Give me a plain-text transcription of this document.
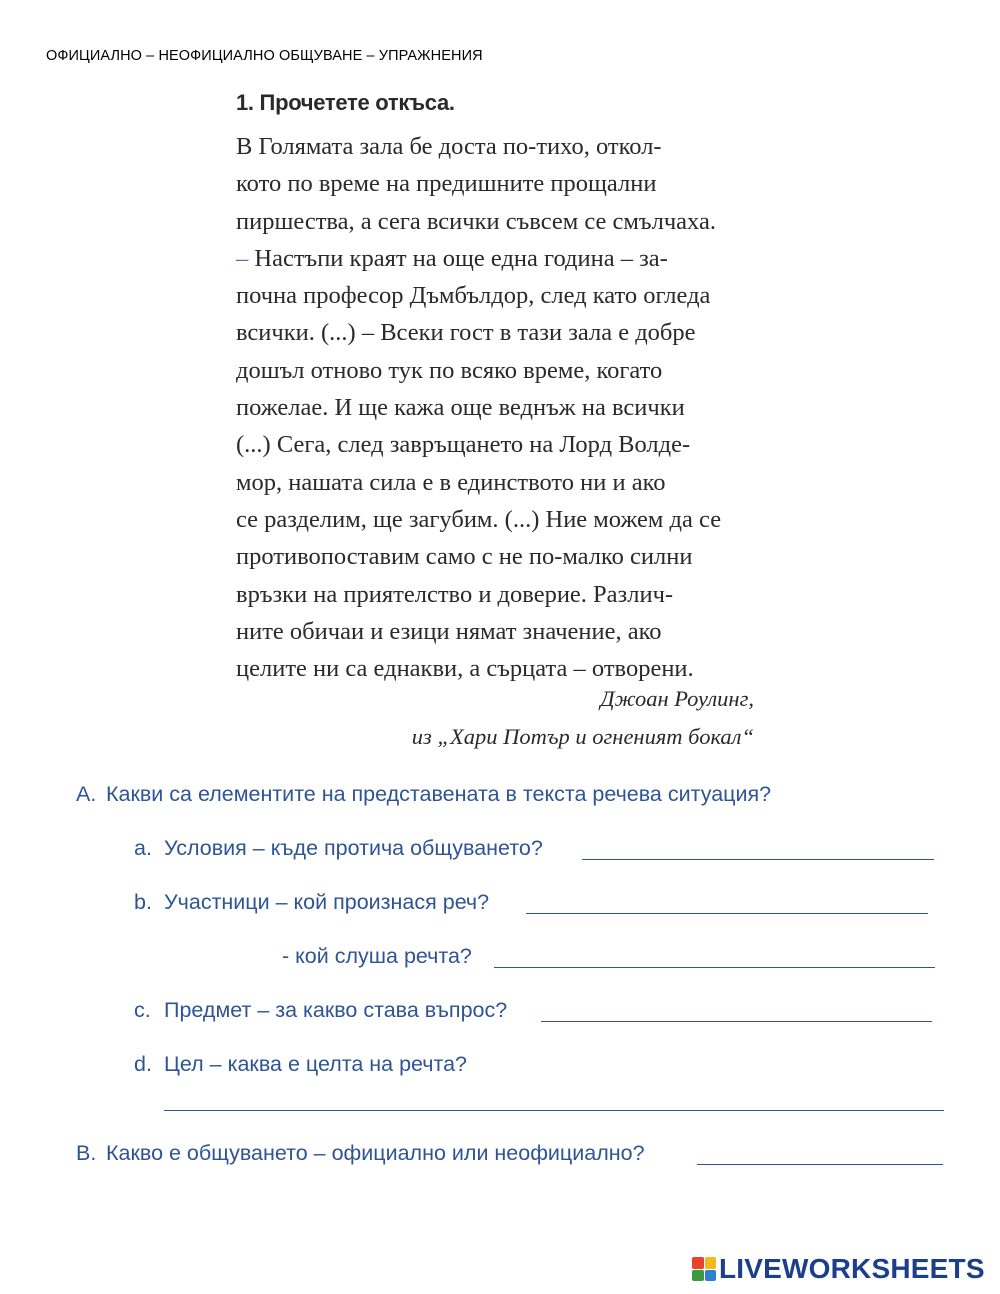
ОФИЦИАЛНО – НЕОФИЦИАЛНО ОБЩУВАНЕ – УПРАЖНЕНИЯ
1. Прочетете откъса.

В Голямата зала бе доста по-тихо, откол-

кото по време на предишните прощални

пиршества, а сега всички съвсем се смълчаха.

– Настъпи краят на още една година – за-

почна професор Дъмбълдор, след като огледа

всички. (...) – Всеки гост в тази зала е добре

дошъл отново тук по всяко време, когато

пожелае. И ще кажа още веднъж на всички

(...) Сега, след завръщането на Лорд Волде-

мор, нашата сила е в единството ни и ако

се разделим, ще загубим. (...) Ние можем да се

противопоставим само с не по-малко силни

връзки на приятелство и доверие. Различ-

ните обичаи и езици нямат значение, ако

целите ни са еднакви, а сърцата – отворени.

Джоан Роулинг,
из „Хари Потър и огненият бокал“
A. Какви са елементите на представената в текста речева ситуация?
a. Условия – къде протича общуването?
b. Участници – кой произнася реч?
- кой слуша речта?
c. Предмет – за какво става въпрос?
d. Цел – каква е целта на речта?
B. Какво е общуването – официално или неофициално?
LIVEWORKSHEETS
